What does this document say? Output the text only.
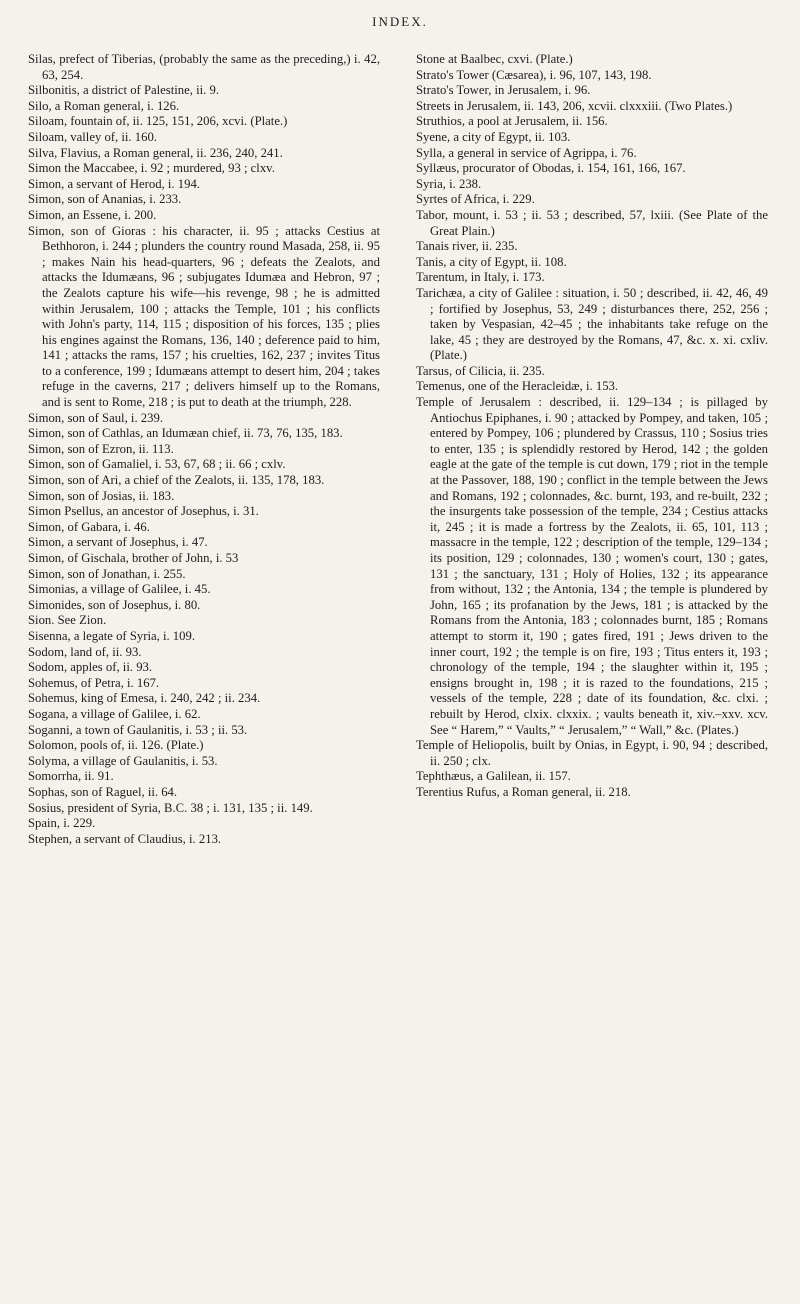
INDEX.

Silas, prefect of Tiberias, (probably the same as the preceding,) i. 42, 63, 254.

Silbonitis, a district of Palestine, ii. 9.

Silo, a Roman general, i. 126.

Siloam, fountain of, ii. 125, 151, 206, xcvi. (Plate.)

Siloam, valley of, ii. 160.

Silva, Flavius, a Roman general, ii. 236, 240, 241.

Simon the Maccabee, i. 92 ; murdered, 93 ; clxv.

Simon, a servant of Herod, i. 194.

Simon, son of Ananias, i. 233.

Simon, an Essene, i. 200.

Simon, son of Gioras : his character, ii. 95 ; attacks Cestius at Bethhoron, i. 244 ; plunders the country round Masada, 258, ii. 95 ; makes Nain his head-quarters, 96 ; defeats the Zealots, and attacks the Idumæans, 96 ; subjugates Idumæa and Hebron, 97 ; the Zealots capture his wife—his revenge, 98 ; he is admitted within Jerusalem, 100 ; attacks the Temple, 101 ; his conflicts with John's party, 114, 115 ; disposition of his forces, 135 ; plies his engines against the Romans, 136, 140 ; deference paid to him, 141 ; attacks the rams, 157 ; his cruelties, 162, 237 ; invites Titus to a conference, 199 ; Idumæans attempt to desert him, 204 ; takes refuge in the caverns, 217 ; delivers himself up to the Romans, and is sent to Rome, 218 ; is put to death at the triumph, 228.

Simon, son of Saul, i. 239.

Simon, son of Cathlas, an Idumæan chief, ii. 73, 76, 135, 183.

Simon, son of Ezron, ii. 113.

Simon, son of Gamaliel, i. 53, 67, 68 ; ii. 66 ; cxlv.

Simon, son of Ari, a chief of the Zealots, ii. 135, 178, 183.

Simon, son of Josias, ii. 183.

Simon Psellus, an ancestor of Josephus, i. 31.

Simon, of Gabara, i. 46.

Simon, a servant of Josephus, i. 47.

Simon, of Gischala, brother of John, i. 53

Simon, son of Jonathan, i. 255.

Simonias, a village of Galilee, i. 45.

Simonides, son of Josephus, i. 80.

Sion. See Zion.

Sisenna, a legate of Syria, i. 109.

Sodom, land of, ii. 93.

Sodom, apples of, ii. 93.

Sohemus, of Petra, i. 167.

Sohemus, king of Emesa, i. 240, 242 ; ii. 234.

Sogana, a village of Galilee, i. 62.

Soganni, a town of Gaulanitis, i. 53 ; ii. 53.

Solomon, pools of, ii. 126. (Plate.)

Solyma, a village of Gaulanitis, i. 53.

Somorrha, ii. 91.

Sophas, son of Raguel, ii. 64.

Sosius, president of Syria, B.C. 38 ; i. 131, 135 ; ii. 149.

Spain, i. 229.

Stephen, a servant of Claudius, i. 213.

Stone at Baalbec, cxvi. (Plate.)

Strato's Tower (Cæsarea), i. 96, 107, 143, 198.

Strato's Tower, in Jerusalem, i. 96.

Streets in Jerusalem, ii. 143, 206, xcvii. clxxxiii. (Two Plates.)

Struthios, a pool at Jerusalem, ii. 156.

Syene, a city of Egypt, ii. 103.

Sylla, a general in service of Agrippa, i. 76.

Syllæus, procurator of Obodas, i. 154, 161, 166, 167.

Syria, i. 238.

Syrtes of Africa, i. 229.

Tabor, mount, i. 53 ; ii. 53 ; described, 57, lxiii. (See Plate of the Great Plain.)

Tanais river, ii. 235.

Tanis, a city of Egypt, ii. 108.

Tarentum, in Italy, i. 173.

Tarichæa, a city of Galilee : situation, i. 50 ; described, ii. 42, 46, 49 ; fortified by Josephus, 53, 249 ; disturbances there, 252, 256 ; taken by Vespasian, 42–45 ; the inhabitants take refuge on the lake, 45 ; they are destroyed by the Romans, 47, &c. x. xi. cxliv. (Plate.)

Tarsus, of Cilicia, ii. 235.

Temenus, one of the Heracleidæ, i. 153.

Temple of Jerusalem : described, ii. 129–134 ; is pillaged by Antiochus Epiphanes, i. 90 ; attacked by Pompey, and taken, 105 ; entered by Pompey, 106 ; plundered by Crassus, 110 ; Sosius tries to enter, 135 ; is splendidly restored by Herod, 142 ; the golden eagle at the gate of the temple is cut down, 179 ; riot in the temple at the Passover, 188, 190 ; conflict in the temple between the Jews and Romans, 192 ; colonnades, &c. burnt, 193, and re-built, 232 ; the insurgents take possession of the temple, 234 ; Cestius attacks it, 245 ; it is made a fortress by the Zealots, ii. 65, 101, 113 ; massacre in the temple, 122 ; description of the temple, 129–134 ; its position, 129 ; colonnades, 130 ; women's court, 130 ; gates, 131 ; the sanctuary, 131 ; Holy of Holies, 132 ; its appearance from without, 132 ; the Antonia, 134 ; the temple is plundered by John, 165 ; its profanation by the Jews, 181 ; is attacked by the Romans from the Antonia, 183 ; colonnades burnt, 185 ; Romans attempt to storm it, 190 ; gates fired, 191 ; Jews driven to the inner court, 192 ; the temple is on fire, 193 ; Titus enters it, 193 ; chronology of the temple, 194 ; the slaughter within it, 195 ; ensigns brought in, 198 ; it is razed to the foundations, 215 ; vessels of the temple, 228 ; date of its foundation, &c. clxi. ; rebuilt by Herod, clxix. clxxix. ; vaults beneath it, xiv.–xxv. xcv. See “ Harem,” “ Vaults,” “ Jerusalem,” “ Wall,” &c. (Plates.)

Temple of Heliopolis, built by Onias, in Egypt, i. 90, 94 ; described, ii. 250 ; clx.

Tephthæus, a Galilean, ii. 157.

Terentius Rufus, a Roman general, ii. 218.
